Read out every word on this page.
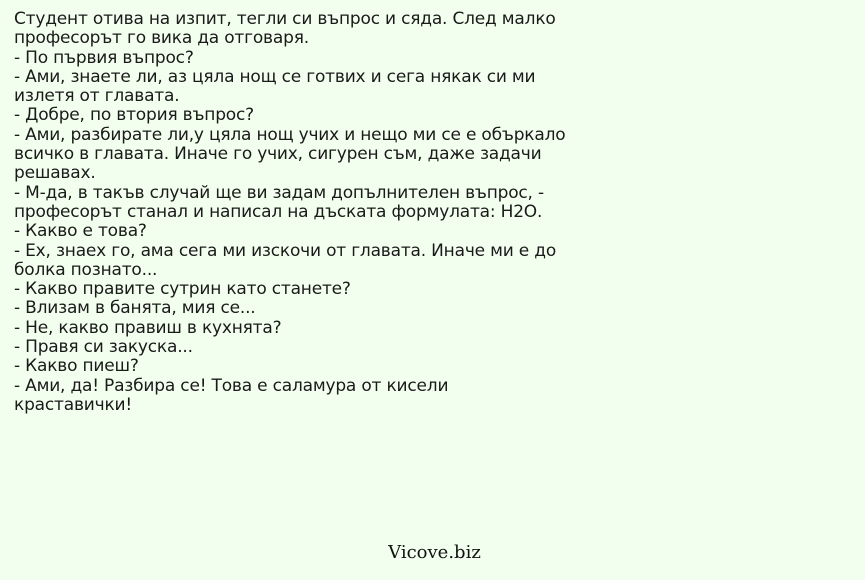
Студент отива на изпит, тегли си въпрос и сяда. След малко
професорът го вика да отговаря.
- По първия въпрос?
- Ами, знаете ли, аз цяла нощ се готвих и сега някак си ми
излетя от главата.
- Добре, по втория въпрос?
- Ами, разбирате ли,у цяла нощ учих и нещо ми се е объркало
всичко в главата. Иначе го учих, сигурен съм, даже задачи
решавах.
- М-да, в такъв случай ще ви задам допълнителен въпрос, -
професорът станал и написал на дъската формулата: Н2О.
- Какво е това?
- Ех, знаех го, ама сега ми изскочи от главата. Иначе ми е до
болка познато...
- Какво правите сутрин като станете?
- Влизам в банята, мия се...
- Не, какво правиш в кухнята?
- Правя си закуска...
- Какво пиеш?
- Ами, да! Разбира се! Това е саламура от кисели
краставички!
Vicove.biz
